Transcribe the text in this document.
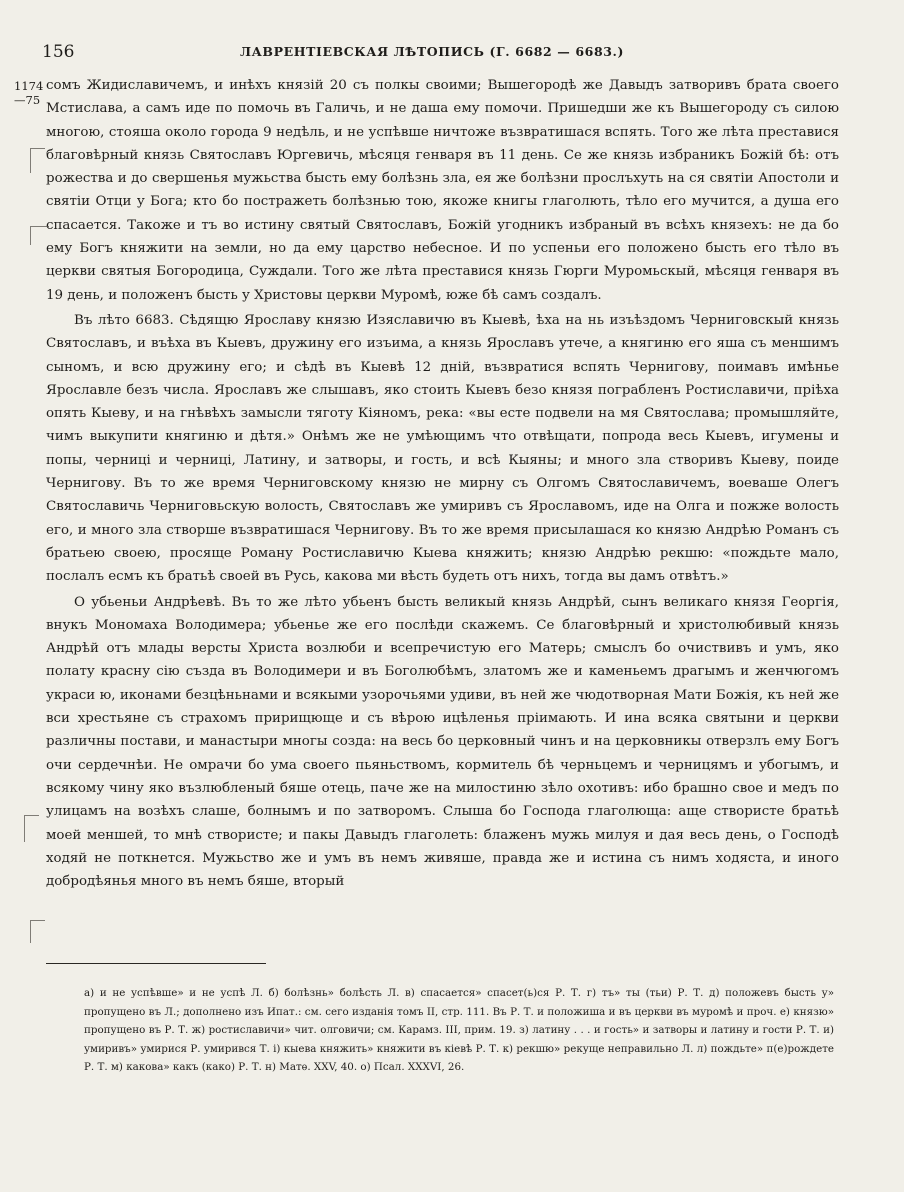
156	ЛАВРЕНТІЕВСКАЯ ЛѢТОПИСЬ (Г. 6682 — 6683.)
1174—75

сомъ Жидиславичемъ, и инѣхъ князій 20 съ полкы своими; Вышегородѣ же Давыдъ затворивъ брата своего Мстислава, а самъ иде по помочь въ Галичь, и не даша ему помочи. Пришедши же къ Вышегороду съ силою многою, стояша около города 9 недѣль, и не успѣвше ничтоже възвратишася вспять. Того же лѣта преставися благовѣрный князь Святославъ Юргевичь, мѣсяця генваря въ 11 день. Се же князь избраникъ Божій бѣ: отъ рожества и до свершенья мужьства бысть ему болѣзнь зла, ея же болѣзни прослъхуть на ся святіи Апостоли и святіи Отци у Бога; кто бо постражеть болѣзнью тою, якоже книгы глаголють, тѣло его мучится, а душа его спасается. Такоже и тъ во истину святый Святославъ, Божій угодникъ избраный въ всѣхъ князехъ: не да бо ему Богъ княжити на земли, но да ему царство небесное. И по успеньи его положено бысть его тѣло въ церкви святыя Богородица, Суждали. Того же лѣта преставися князь Гюрги Муромьскый, мѣсяця генваря въ 19 день, и положенъ бысть у Христовы церкви Муромѣ, юже бѣ самъ создалъ.

Въ лѣто 6683. Сѣдящю Ярославу князю Изяславичю въ Кыевѣ, ѣха на нь изъѣздомъ Черниговскый князь Святославъ, и въѣха въ Кыевъ, дружину его изъима, а князь Ярославъ утече, а княгиню его яша съ меншимъ сыномъ, и всю дружину его; и сѣдѣ въ Кыевѣ 12 дній, възвратися вспять Чернигову, поимавъ имѣнье Ярославле безъ числа. Ярославъ же слышавъ, яко стоить Кыевъ безо князя пограбленъ Ростиславичи, пріѣха опять Кыеву, и на гнѣвѣхъ замысли тяготу Кіяномъ, река: «вы есте подвели на мя Святослава; промышляйте, чимъ выкупити княгиню и дѣтя.» Онѣмъ же не умѣющимъ что отвѣщати, попрода весь Кыевъ, игумены и попы, черницi и черницi, Латину, и затворы, и гость, и всѣ Кыяны; и много зла створивъ Кыеву, поиде Чернигову. Въ то же время Черниговскому князю не мирну съ Олгомъ Святославичемъ, воеваше Олегъ Святославичь Черниговьскую волость, Святославъ же умиривъ съ Ярославомъ, иде на Олга и пожже волость его, и много зла створше възвратишася Чернигову. Въ то же время присылашася ко князю Андрѣю Романъ съ братьею своею, просяще Роману Ростиславичю Кыева княжить; князю Андрѣю рекшю: «пождьте мало, послалъ есмъ къ братьѣ своей въ Русь, какова ми вѣсть будеть отъ нихъ, тогда вы дамъ отвѣтъ.»

О убьеньи Андрѣевѣ. Въ то же лѣто убьенъ бысть великый князь Андрѣй, сынъ великаго князя Георгія, внукъ Мономаха Володимера; убьенье же его послѣди скажемъ. Се благовѣрный и христолюбивый князь Андрѣй отъ млады версты Христа возлюби и всепречистую его Матерь; смыслъ бо очиствивъ и умъ, яко полату красну сію създа въ Володимери и въ Боголюбѣмъ, златомъ же и каменьемъ драгымъ и женчюгомъ украси ю, иконами безцѣньнами и всякыми узорочьями удиви, въ ней же чюдотворная Мати Божія, къ ней же вси хрестьяне съ страхомъ пририщюще и съ вѣрою ицѣленья пріимають. И ина всяка святыни и церкви различны постави, и манастыри многы созда: на весь бо церковный чинъ и на церковникы отверзлъ ему Богъ очи сердечнѣи. Не омрачи бо ума своего пьяньствомъ, кормитель бѣ черньцемъ и черницямъ и убогымъ, и всякому чину яко възлюбленый бяше отець, паче же на милостиню зѣло охотивъ: ибо брашно свое и медъ по улицамъ на возѣхъ слаше, болнымъ и по затворомъ. Слыша бо Господа глаголюща: аще створисте братьѣ моей меншей, то мнѣ створисте; и пакы Давыдъ глаголеть: блаженъ мужь милуя и дая весь день, о Господѣ ходяй не поткнется. Мужьство же и умъ въ немъ живяше, правда же и истина съ нимъ ходяста, и иного добродѣянья много въ немъ бяше, вторый

а) и не успѣвше» и не успѣ Л. б) болѣзнь» болѣсть Л. в) спасается» спасет(ь)ся Р. Т. г) тъ» ты (тьи) Р. Т. д) положевъ бысть у» пропущено въ Л.; дополнено изъ Ипат.: см. сего изданія томъ II, стр. 111. Въ Р. Т. и положиша и въ церкви въ муромѣ и проч. е) князю» пропущено въ Р. Т. ж) ростиславичи» чит. олговичи; см. Карамз. III, прим. 19. з) латину . . . и гость» и затворы и латину и гости Р. Т. и) умиривъ» умирися Р. умирився Т. і) кыева княжить» княжити въ кіевѣ Р. Т. к) рекшю» рекуще неправильно Л. л) пождьте» п(е)рождете Р. Т. м) какова» какъ (како) Р. Т. н) Матѳ. XXV, 40. о) Псал. XXXVI, 26.
